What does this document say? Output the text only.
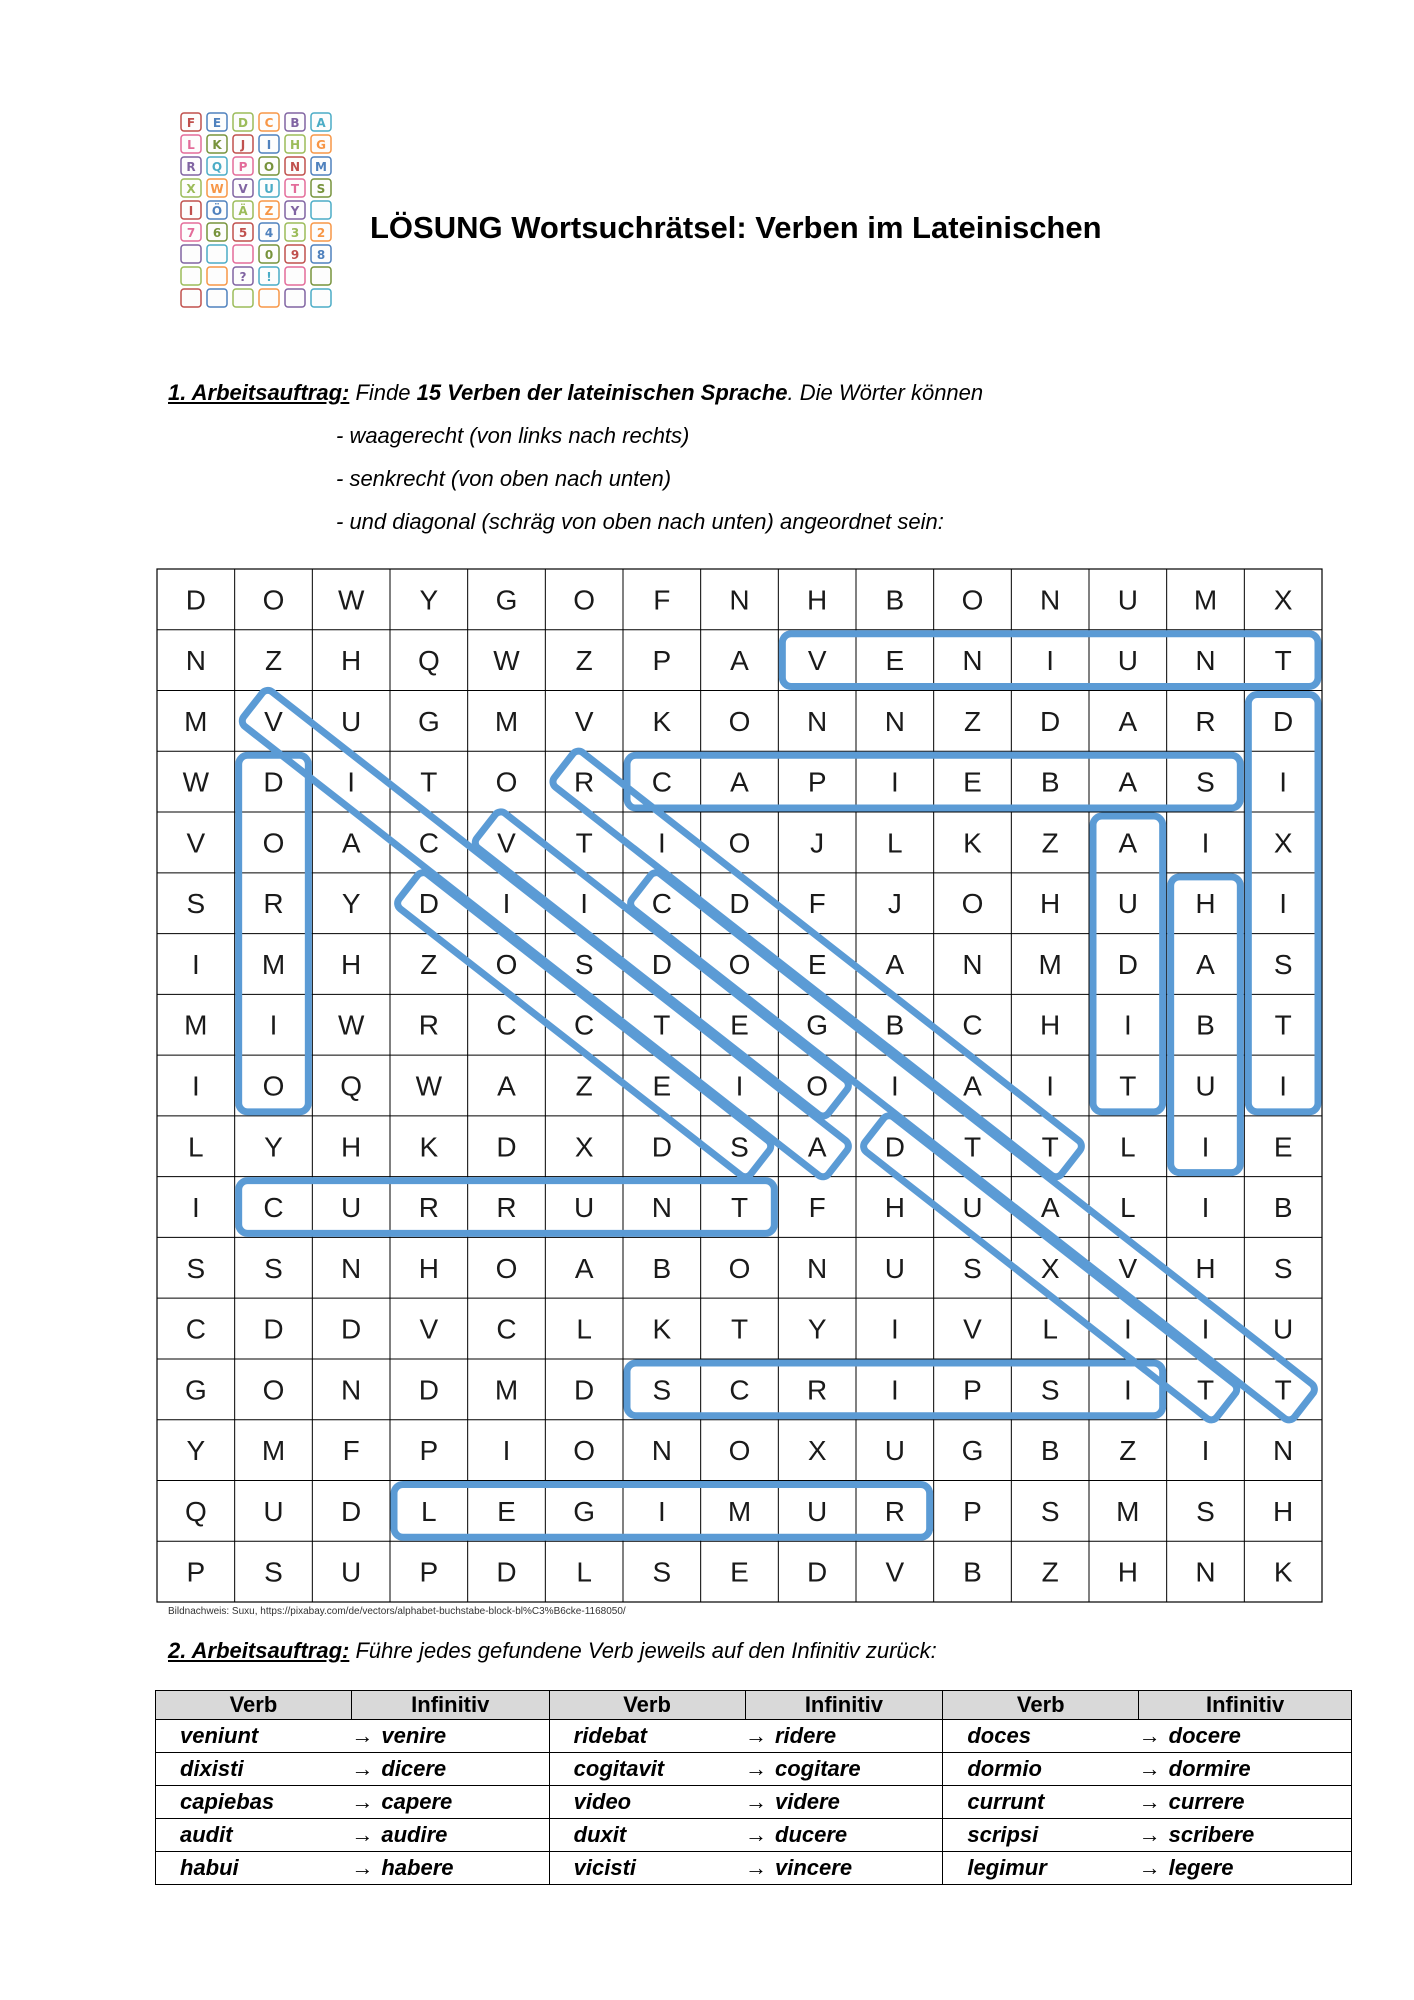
F E D C B A
L K J I H G
R Q P O N M
X W V U T S
I Ö Ä Z Y
7 6 5 4 3 2
0 9 8
? !
LÖSUNG Wortsuchrätsel: Verben im Lateinischen
1. Arbeitsauftrag: Finde 15 Verben der lateinischen Sprache. Die Wörter können
- waagerecht (von links nach rechts)
- senkrecht (von oben nach unten)
- und diagonal (schräg von oben nach unten) angeordnet sein:
D O W Y G O F N H B O N U M X
N Z H Q W Z P A V E N I U N T
M V U G M V K O N N Z D A R D
W D I T O R C A P I E B A S I
V O A C V T I O J L K Z A I X
S R Y D I I C D F J O H U H I
I M H Z O S D O E A N M D A S
M I W R C C T E G B C H I B T
I O Q W A Z E I O I A I T U I
L Y H K D X D S A D T T L I E
I C U R R U N T F H U A L I B
S S N H O A B O N U S X V H S
C D D V C L K T Y I V L I I U
G O N D M D S C R I P S I T T
Y M F P I O N O X U G B Z I N
Q U D L E G I M U R P S M S H
P S U P D L S E D V B Z H N K
Bildnachweis: Suxu, https://pixabay.com/de/vectors/alphabet-buchstabe-block-bl%C3%B6cke-1168050/
2. Arbeitsauftrag: Führe jedes gefundene Verb jeweils auf den Infinitiv zurück:
Verb	Infinitiv	Verb	Infinitiv	Verb	Infinitiv
veniunt	→ venire	ridebat	→ ridere	doces	→ docere
dixisti	→ dicere	cogitavit	→ cogitare	dormio	→ dormire
capiebas	→ capere	video	→ videre	currunt	→ currere
audit	→ audire	duxit	→ ducere	scripsi	→ scribere
habui	→ habere	vicisti	→ vincere	legimur	→ legere
